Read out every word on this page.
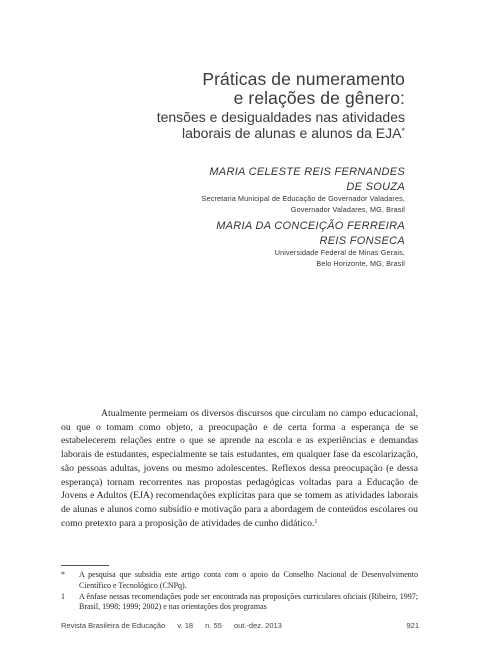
Práticas de numeramento
e relações de gênero:
tensões e desigualdades nas atividades
laborais de alunas e alunos da EJA*
MARIA CELESTE REIS FERNANDES
DE SOUZA
Secretaria Municipal de Educação de Governador Valadares,
Governador Valadares, MG, Brasil
MARIA DA CONCEIÇÃO FERREIRA
REIS FONSECA
Universidade Federal de Minas Gerais,
Belo Horizonte, MG, Brasil

Atualmente permeiam os diversos discursos que circulam no campo educacional, ou que o tomam como objeto, a preocupação e de certa forma a esperança de se estabelecerem relações entre o que se aprende na escola e as experiências e demandas laborais de estudantes, especialmente se tais estudantes, em qualquer fase da escolarização, são pessoas adultas, jovens ou mesmo adolescentes. Reflexos dessa preocupação (e dessa esperança) tornam recorrentes nas propostas pedagógicas voltadas para a Educação de Jovens e Adultos (EJA) recomendações explícitas para que se tomem as atividades laborais de alunas e alunos como subsídio e motivação para a abordagem de conteúdos escolares ou como pretexto para a proposição de atividades de cunho didático.$^1$

*	A pesquisa que subsidia este artigo conta com o apoio do Conselho Nacional de Desenvolvimento Científico e Tecnológico (CNPq).
1	A ênfase nessas recomendações pode ser encontrada nas proposições curriculares oficiais (Ribeiro, 1997; Brasil, 1998; 1999; 2002) e nas orientações dos programas
Revista Brasileira de Educação v. 18 n. 55 out.-dez. 2013	921
